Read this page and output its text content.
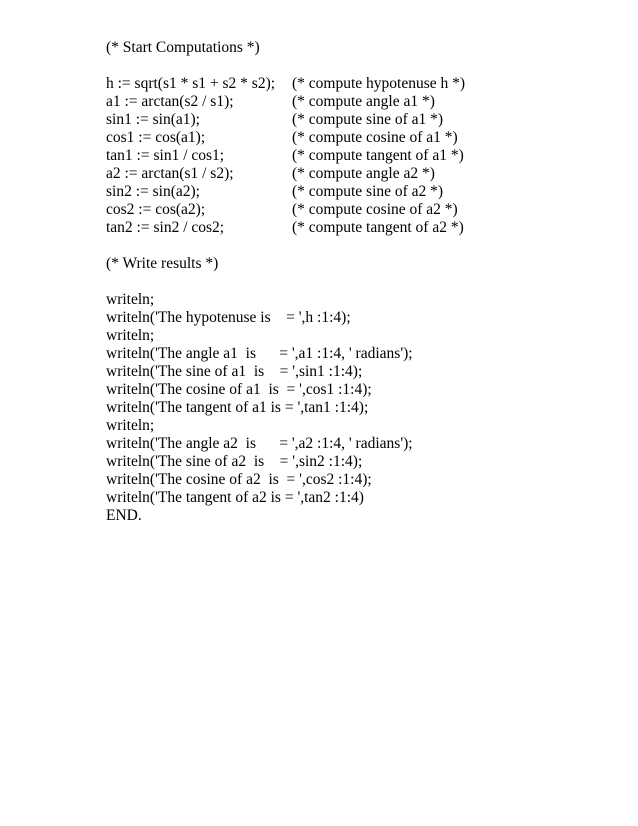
(* Start Computations *)
h := sqrt(s1 * s1 + s2 * s2); (* compute hypotenuse h *)
a1 := arctan(s2 / s1);	(* compute angle a1 *)
sin1 := sin(a1);	(* compute sine of a1 *)
cos1 := cos(a1);	(* compute cosine of a1 *)
tan1 := sin1 / cos1;	(* compute tangent of a1 *)
a2 := arctan(s1 / s2);	(* compute angle a2 *)
sin2 := sin(a2);	(* compute sine of a2 *)
cos2 := cos(a2);	(* compute cosine of a2 *)
tan2 := sin2 / cos2;	(* compute tangent of a2 *)
(* Write results *)
writeln;
writeln('The hypotenuse is    = ',h :1:4);
writeln;
writeln('The angle a1  is      = ',a1 :1:4, ' radians');
writeln('The sine of a1  is    = ',sin1 :1:4);
writeln('The cosine of a1  is  = ',cos1 :1:4);
writeln('The tangent of a1 is = ',tan1 :1:4);
writeln;
writeln('The angle a2  is      = ',a2 :1:4, ' radians');
writeln('The sine of a2  is    = ',sin2 :1:4);
writeln('The cosine of a2  is  = ',cos2 :1:4);
writeln('The tangent of a2 is = ',tan2 :1:4)
END.
